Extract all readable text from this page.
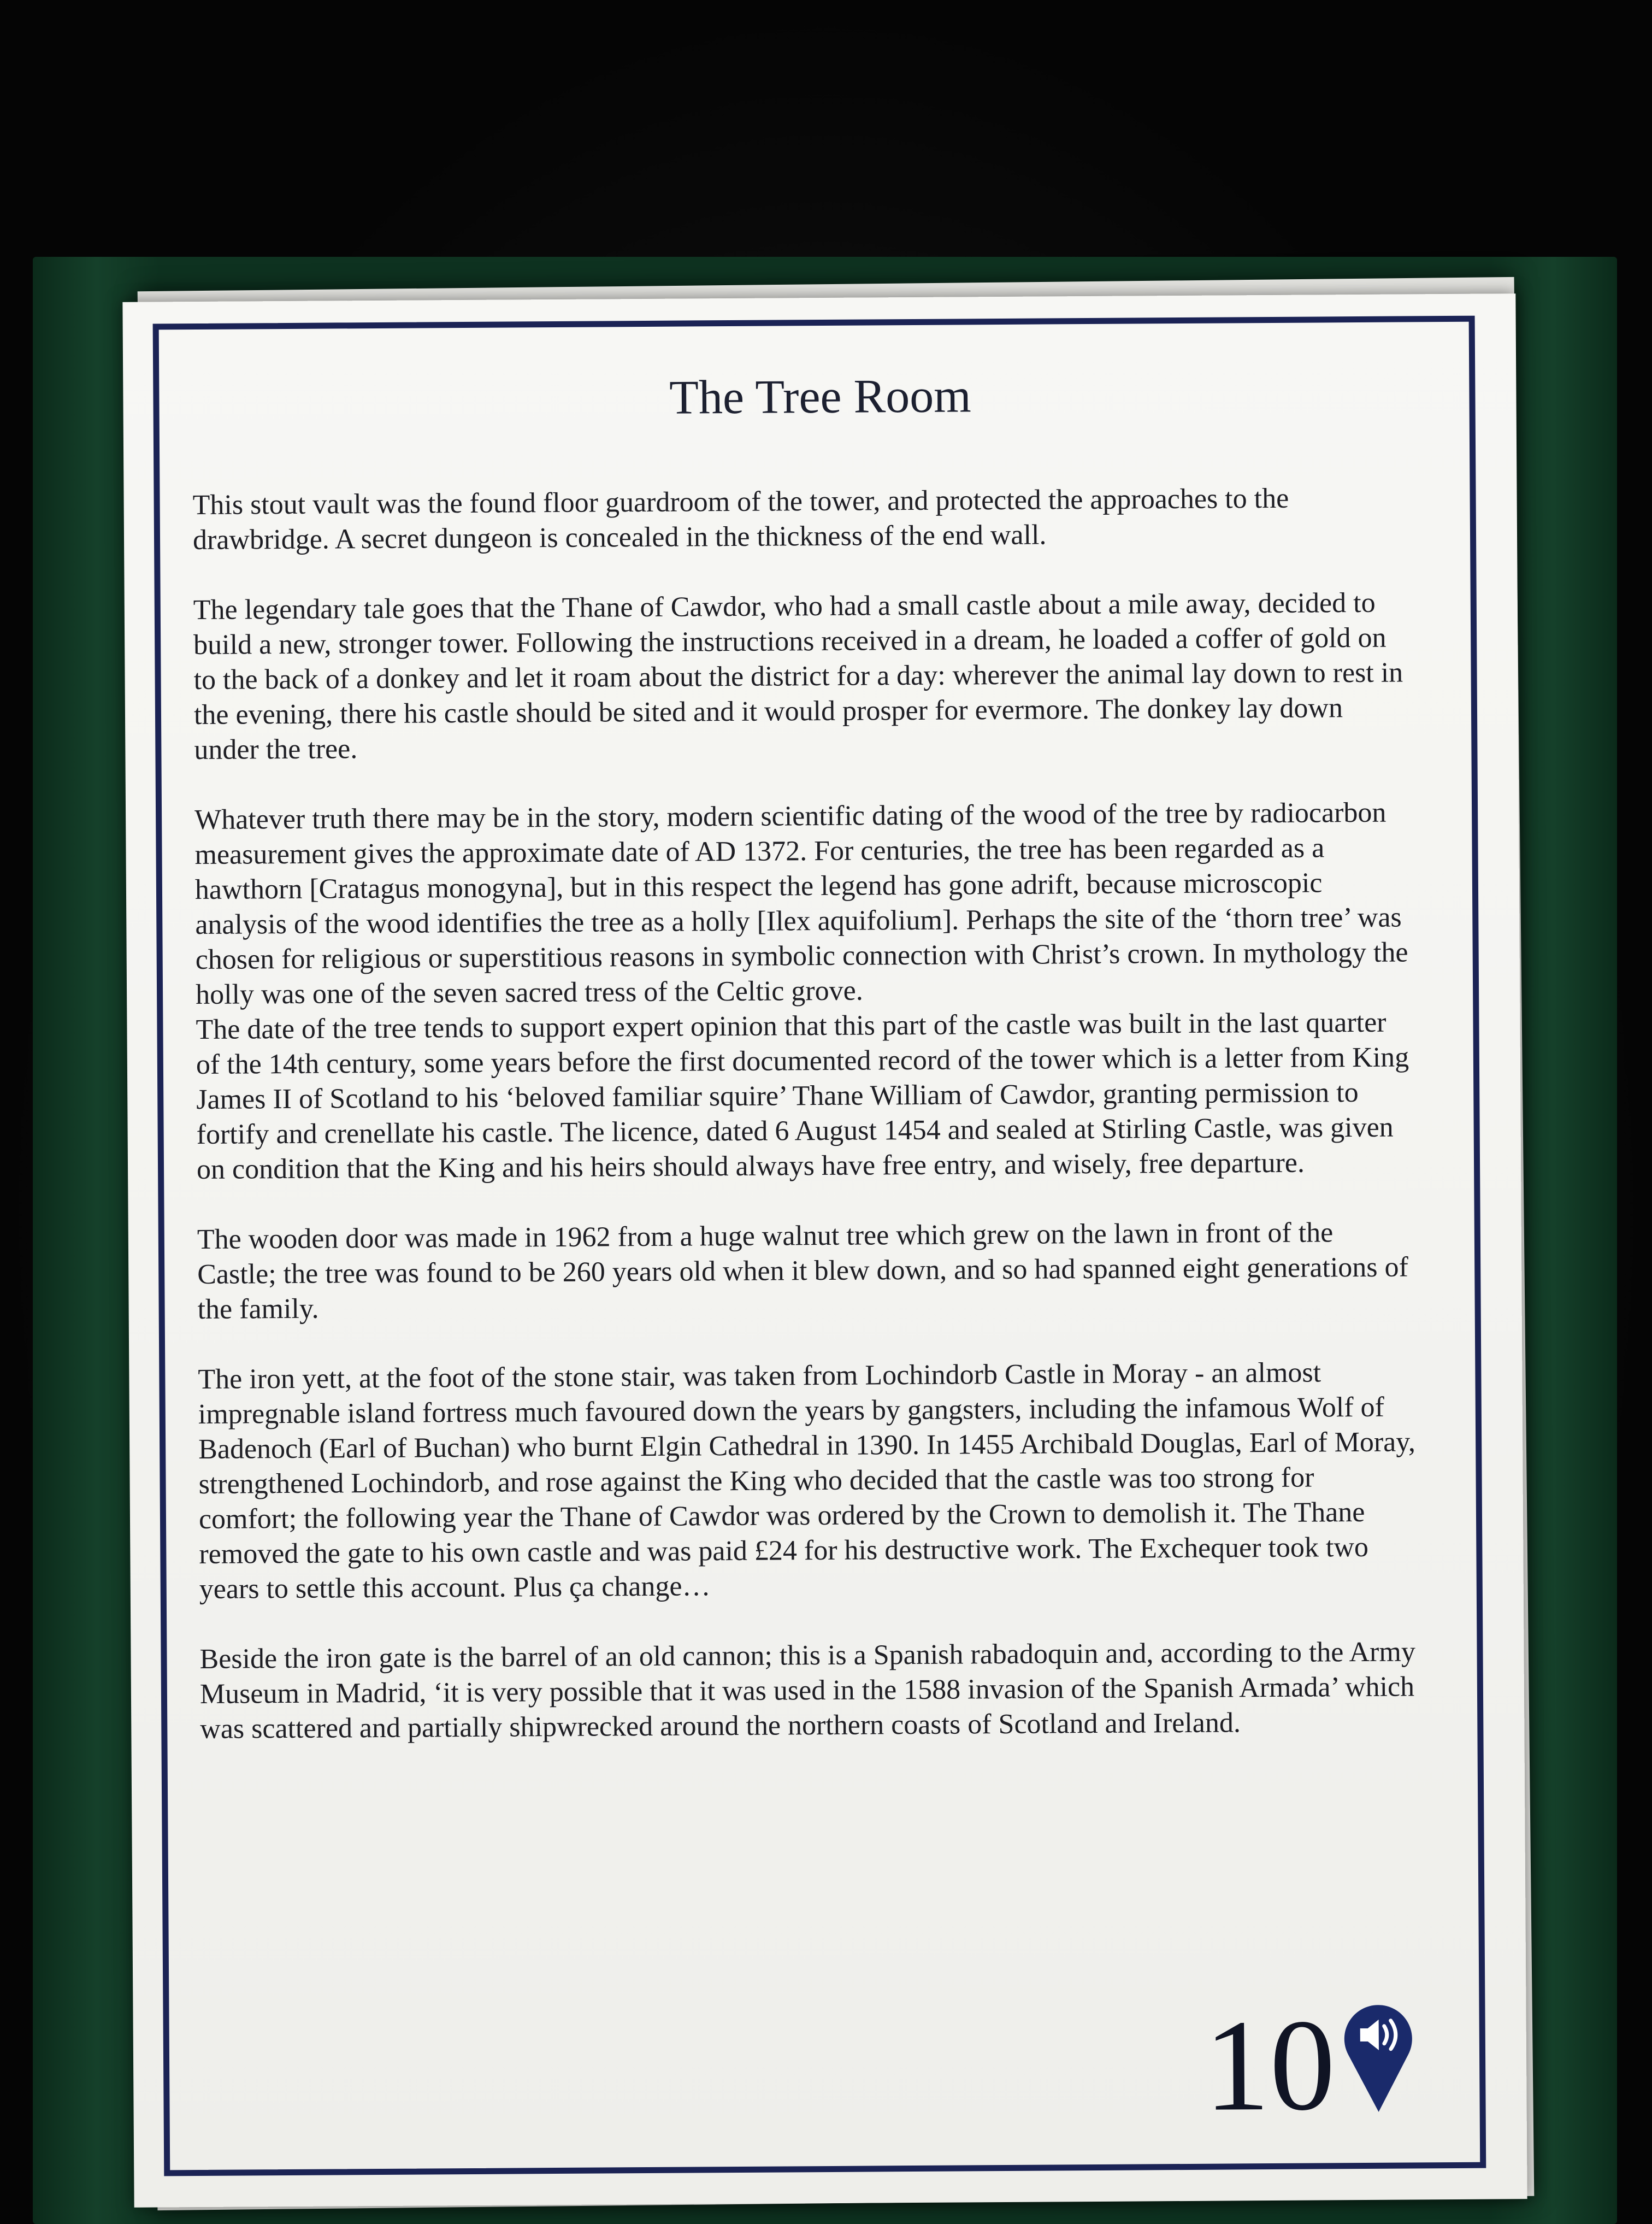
The Tree Room

This stout vault was the found floor guardroom of the tower, and protected the approaches to the drawbridge. A secret dungeon is concealed in the thickness of the end wall.

The legendary tale goes that the Thane of Cawdor, who had a small castle about a mile away, decided to build a new, stronger tower. Following the instructions received in a dream, he loaded a coffer of gold on to the back of a donkey and let it roam about the district for a day: wherever the animal lay down to rest in the evening, there his castle should be sited and it would prosper for evermore. The donkey lay down under the tree.

Whatever truth there may be in the story, modern scientific dating of the wood of the tree by radiocarbon measurement gives the approximate date of AD 1372. For centuries, the tree has been regarded as a hawthorn [Cratagus monogyna], but in this respect the legend has gone adrift, because microscopic analysis of the wood identifies the tree as a holly [Ilex aquifolium]. Perhaps the site of the ‘thorn tree’ was chosen for religious or superstitious reasons in symbolic connection with Christ’s crown. In mythology the holly was one of the seven sacred tress of the Celtic grove.

The date of the tree tends to support expert opinion that this part of the castle was built in the last quarter of the 14th century, some years before the first documented record of the tower which is a letter from King James II of Scotland to his ‘beloved familiar squire’ Thane William of Cawdor, granting permission to fortify and crenellate his castle. The licence, dated 6 August 1454 and sealed at Stirling Castle, was given on condition that the King and his heirs should always have free entry, and wisely, free departure.

The wooden door was made in 1962 from a huge walnut tree which grew on the lawn in front of the Castle; the tree was found to be 260 years old when it blew down, and so had spanned eight generations of the family.

The iron yett, at the foot of the stone stair, was taken from Lochindorb Castle in Moray - an almost impregnable island fortress much favoured down the years by gangsters, including the infamous Wolf of Badenoch (Earl of Buchan) who burnt Elgin Cathedral in 1390. In 1455 Archibald Douglas, Earl of Moray, strengthened Lochindorb, and rose against the King who decided that the castle was too strong for comfort; the following year the Thane of Cawdor was ordered by the Crown to demolish it. The Thane removed the gate to his own castle and was paid £24 for his destructive work. The Exchequer took two years to settle this account. Plus ça change…

Beside the iron gate is the barrel of an old cannon; this is a Spanish rabadoquin and, according to the Army Museum in Madrid, ‘it is very possible that it was used in the 1588 invasion of the Spanish Armada’ which was scattered and partially shipwrecked around the northern coasts of Scotland and Ireland.

10
